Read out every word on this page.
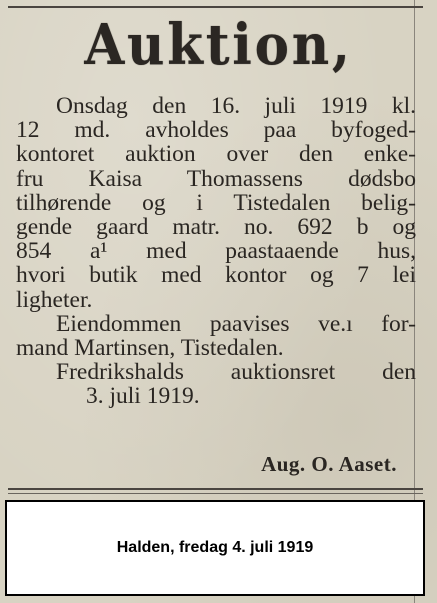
Auktion,
Onsdag den 16. juli 1919 kl.
12 md. avholdes paa byfoged-
kontoret auktion over den enke-
fru Kaisa Thomassens dødsbo
tilhørende og i Tistedalen belig-
gende gaard matr. no. 692 b og
854 a¹ med paastaaende hus,
hvori butik med kontor og 7 lei
ligheter.
Eiendommen paavises ve.ı for-
mand Martinsen, Tistedalen.
Fredrikshalds auktionsret den
3. juli 1919.
Aug. O. Aaset.
Halden, fredag 4. juli 1919
